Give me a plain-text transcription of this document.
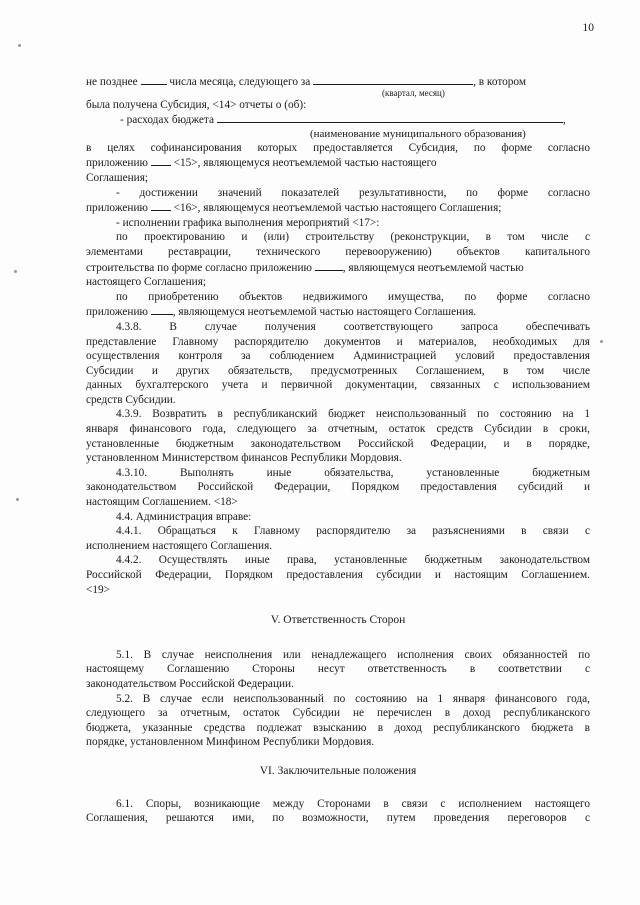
10
не позднее	числа месяца, следующего за	, в котором
(квартал, месяц)
была получена Субсидия, <14> отчеты о (об):
- расходах бюджета	,
(наименование муниципального образования)
в целях софинансирования которых предоставляется Субсидия, по форме согласно
приложению <15>, являющемуся неотъемлемой частью настоящего
Соглашения;
- достижении значений показателей результативности, по форме согласно
приложению <16>, являющемуся неотъемлемой частью настоящего Соглашения;
- исполнении графика выполнения мероприятий <17>:
по проектированию и (или) строительству (реконструкции, в том числе с
элементами реставрации, технического перевооружению) объектов капитального
строительства по форме согласно приложению	, являющемуся неотъемлемой частью
настоящего Соглашения;
по приобретению объектов недвижимого имущества, по форме согласно
приложению , являющемуся неотъемлемой частью настоящего Соглашения.
4.3.8. В случае получения соответствующего запроса обеспечивать
представление Главному распорядителю документов и материалов, необходимых для
осуществления контроля за соблюдением Администрацией условий предоставления
Субсидии и других обязательств, предусмотренных Соглашением, в том числе
данных бухгалтерского учета и первичной документации, связанных с использованием
средств Субсидии.
4.3.9. Возвратить в республиканский бюджет неиспользованный по состоянию на 1
января финансового года, следующего за отчетным, остаток средств Субсидии в сроки,
установленные бюджетным законодательством Российской Федерации, и в порядке,
установленном Министерством финансов Республики Мордовия.
4.3.10. Выполнять иные обязательства, установленные бюджетным
законодательством Российской Федерации, Порядком предоставления субсидий и
настоящим Соглашением. <18>
4.4. Администрация вправе:
4.4.1. Обращаться к Главному распорядителю за разъяснениями в связи с
исполнением настоящего Соглашения.
4.4.2. Осуществлять иные права, установленные бюджетным законодательством
Российской Федерации, Порядком предоставления субсидии и настоящим Соглашением.
<19>
V. Ответственность Сторон
5.1. В случае неисполнения или ненадлежащего исполнения своих обязанностей по
настоящему Соглашению Стороны несут ответственность в соответствии с
законодательством Российской Федерации.
5.2. В случае если неиспользованный по состоянию на 1 января финансового года,
следующего за отчетным, остаток Субсидии не перечислен в доход республиканского
бюджета, указанные средства подлежат взысканию в доход республиканского бюджета в
порядке, установленном Минфином Республики Мордовия.
VI. Заключительные положения
6.1. Споры, возникающие между Сторонами в связи с исполнением настоящего
Соглашения, решаются ими, по возможности, путем проведения переговоров с
